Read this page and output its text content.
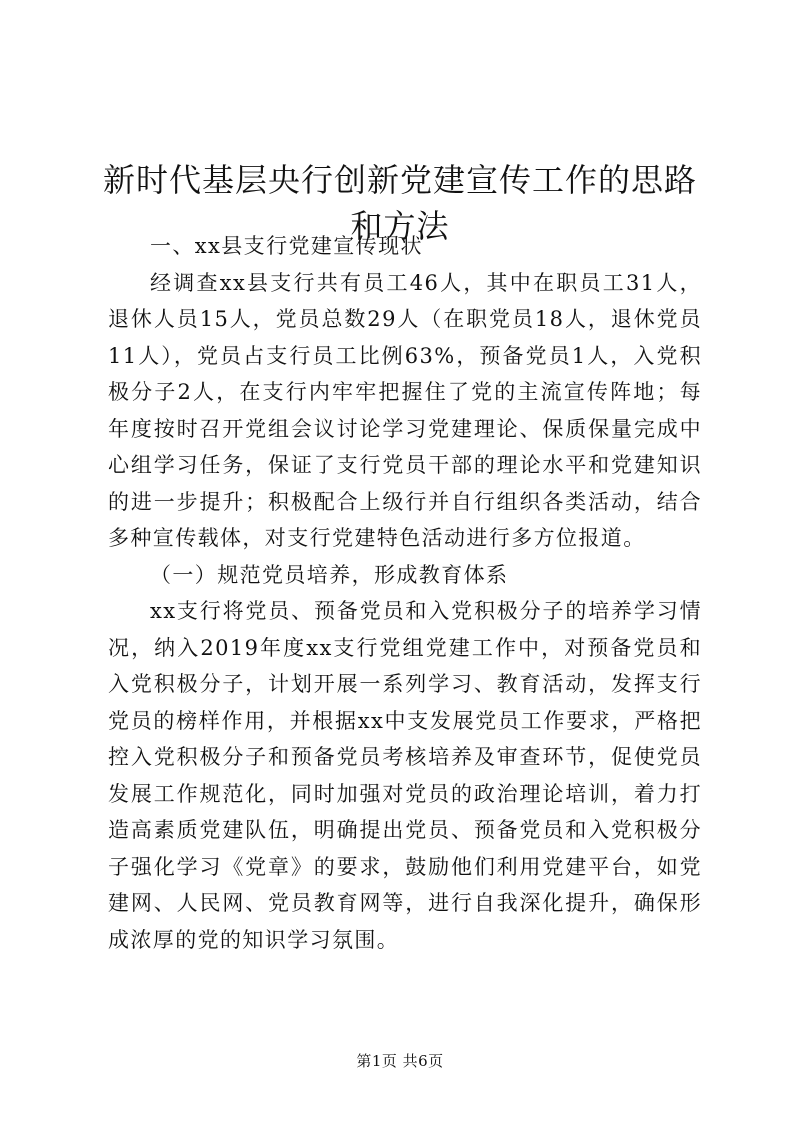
新时代基层央行创新党建宣传工作的思路和方法
一、xx县支行党建宣传现状

经调查xx县支行共有员工46人，其中在职员工31人，退休人员15人，党员总数29人（在职党员18人，退休党员11人），党员占支行员工比例63%，预备党员1人，入党积极分子2人，在支行内牢牢把握住了党的主流宣传阵地；每年度按时召开党组会议讨论学习党建理论、保质保量完成中心组学习任务，保证了支行党员干部的理论水平和党建知识的进一步提升；积极配合上级行并自行组织各类活动，结合多种宣传载体，对支行党建特色活动进行多方位报道。

（一）规范党员培养，形成教育体系

xx支行将党员、预备党员和入党积极分子的培养学习情况，纳入2019年度xx支行党组党建工作中，对预备党员和入党积极分子，计划开展一系列学习、教育活动，发挥支行党员的榜样作用，并根据xx中支发展党员工作要求，严格把控入党积极分子和预备党员考核培养及审查环节，促使党员发展工作规范化，同时加强对党员的政治理论培训，着力打造高素质党建队伍，明确提出党员、预备党员和入党积极分子强化学习《党章》的要求，鼓励他们利用党建平台，如党建网、人民网、党员教育网等，进行自我深化提升，确保形成浓厚的党的知识学习氛围。

第1页 共6页
